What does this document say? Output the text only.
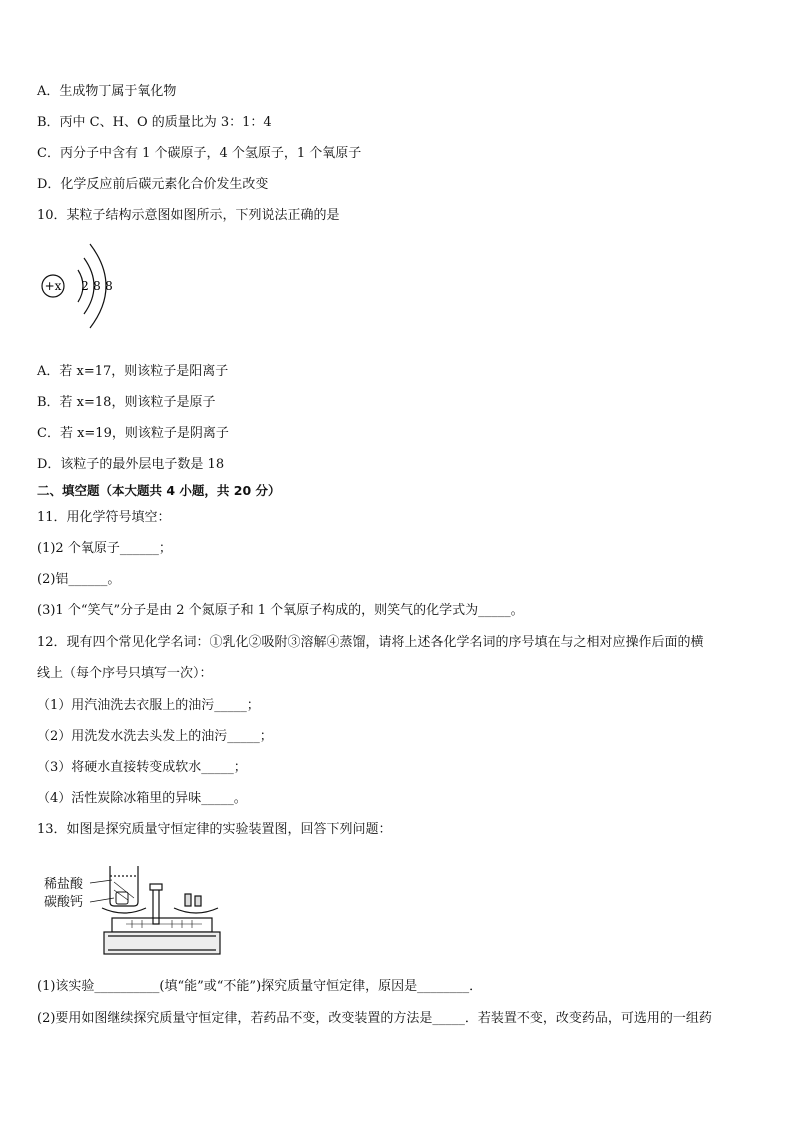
A．生成物丁属于氧化物
B．丙中 C、H、O 的质量比为 3：1：4
C．丙分子中含有 1 个碳原子，4 个氢原子，1 个氧原子
D．化学反应前后碳元素化合价发生改变
10．某粒子结构示意图如图所示，下列说法正确的是
+x 2 8 8
A．若 x=17，则该粒子是阳离子
B．若 x=18，则该粒子是原子
C．若 x=19，则该粒子是阴离子
D．该粒子的最外层电子数是 18
二、填空题（本大题共 4 小题，共 20 分）
11．用化学符号填空：
(1)2 个氧原子______；
(2)铝______。
(3)1 个“笑气”分子是由 2 个氮原子和 1 个氧原子构成的，则笑气的化学式为_____。
12．现有四个常见化学名词：①乳化②吸附③溶解④蒸馏，请将上述各化学名词的序号填在与之相对应操作后面的横
线上（每个序号只填写一次）：
（1）用汽油洗去衣服上的油污_____；
（2）用洗发水洗去头发上的油污_____；
（3）将硬水直接转变成软水_____；
（4）活性炭除冰箱里的异味_____。
13．如图是探究质量守恒定律的实验装置图，回答下列问题：
稀盐酸
碳酸钙
(1)该实验__________(填“能”或“不能”)探究质量守恒定律，原因是________．
(2)要用如图继续探究质量守恒定律，若药品不变，改变装置的方法是_____．若装置不变，改变药品，可选用的一组药
